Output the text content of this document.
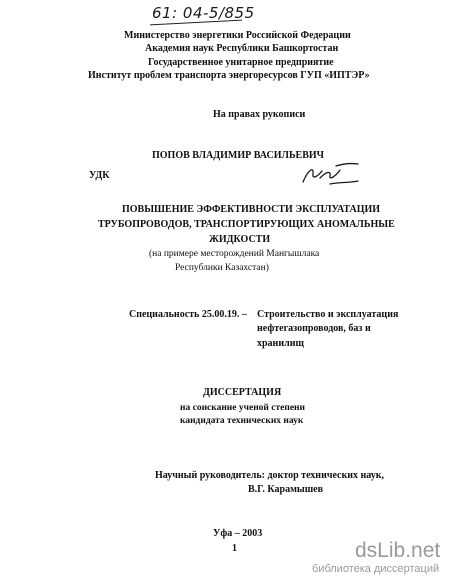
61: 04-5/855
Министерство энергетики Российской Федерации
Академия наук Республики Башкортостан
Государственное унитарное предприятие
Институт проблем транспорта энергоресурсов ГУП «ИПТЭР»
На правах рукописи
ПОПОВ ВЛАДИМИР ВАСИЛЬЕВИЧ
УДК
ПОВЫШЕНИЕ ЭФФЕКТИВНОСТИ ЭКСПЛУАТАЦИИ
ТРУБОПРОВОДОВ, ТРАНСПОРТИРУЮЩИХ АНОМАЛЬНЫЕ
ЖИДКОСТИ
(на примере месторождений Мангышлака
Республики Казахстан)
Специальность 25.00.19. – Строительство и эксплуатация
нефтегазопроводов, баз и
хранилищ
ДИССЕРТАЦИЯ
на соискание ученой степени
кандидата технических наук
Научный руководитель: доктор технических наук,
В.Г. Карамышев
Уфа – 2003
1	dsLib.net
библиотека диссертаций
